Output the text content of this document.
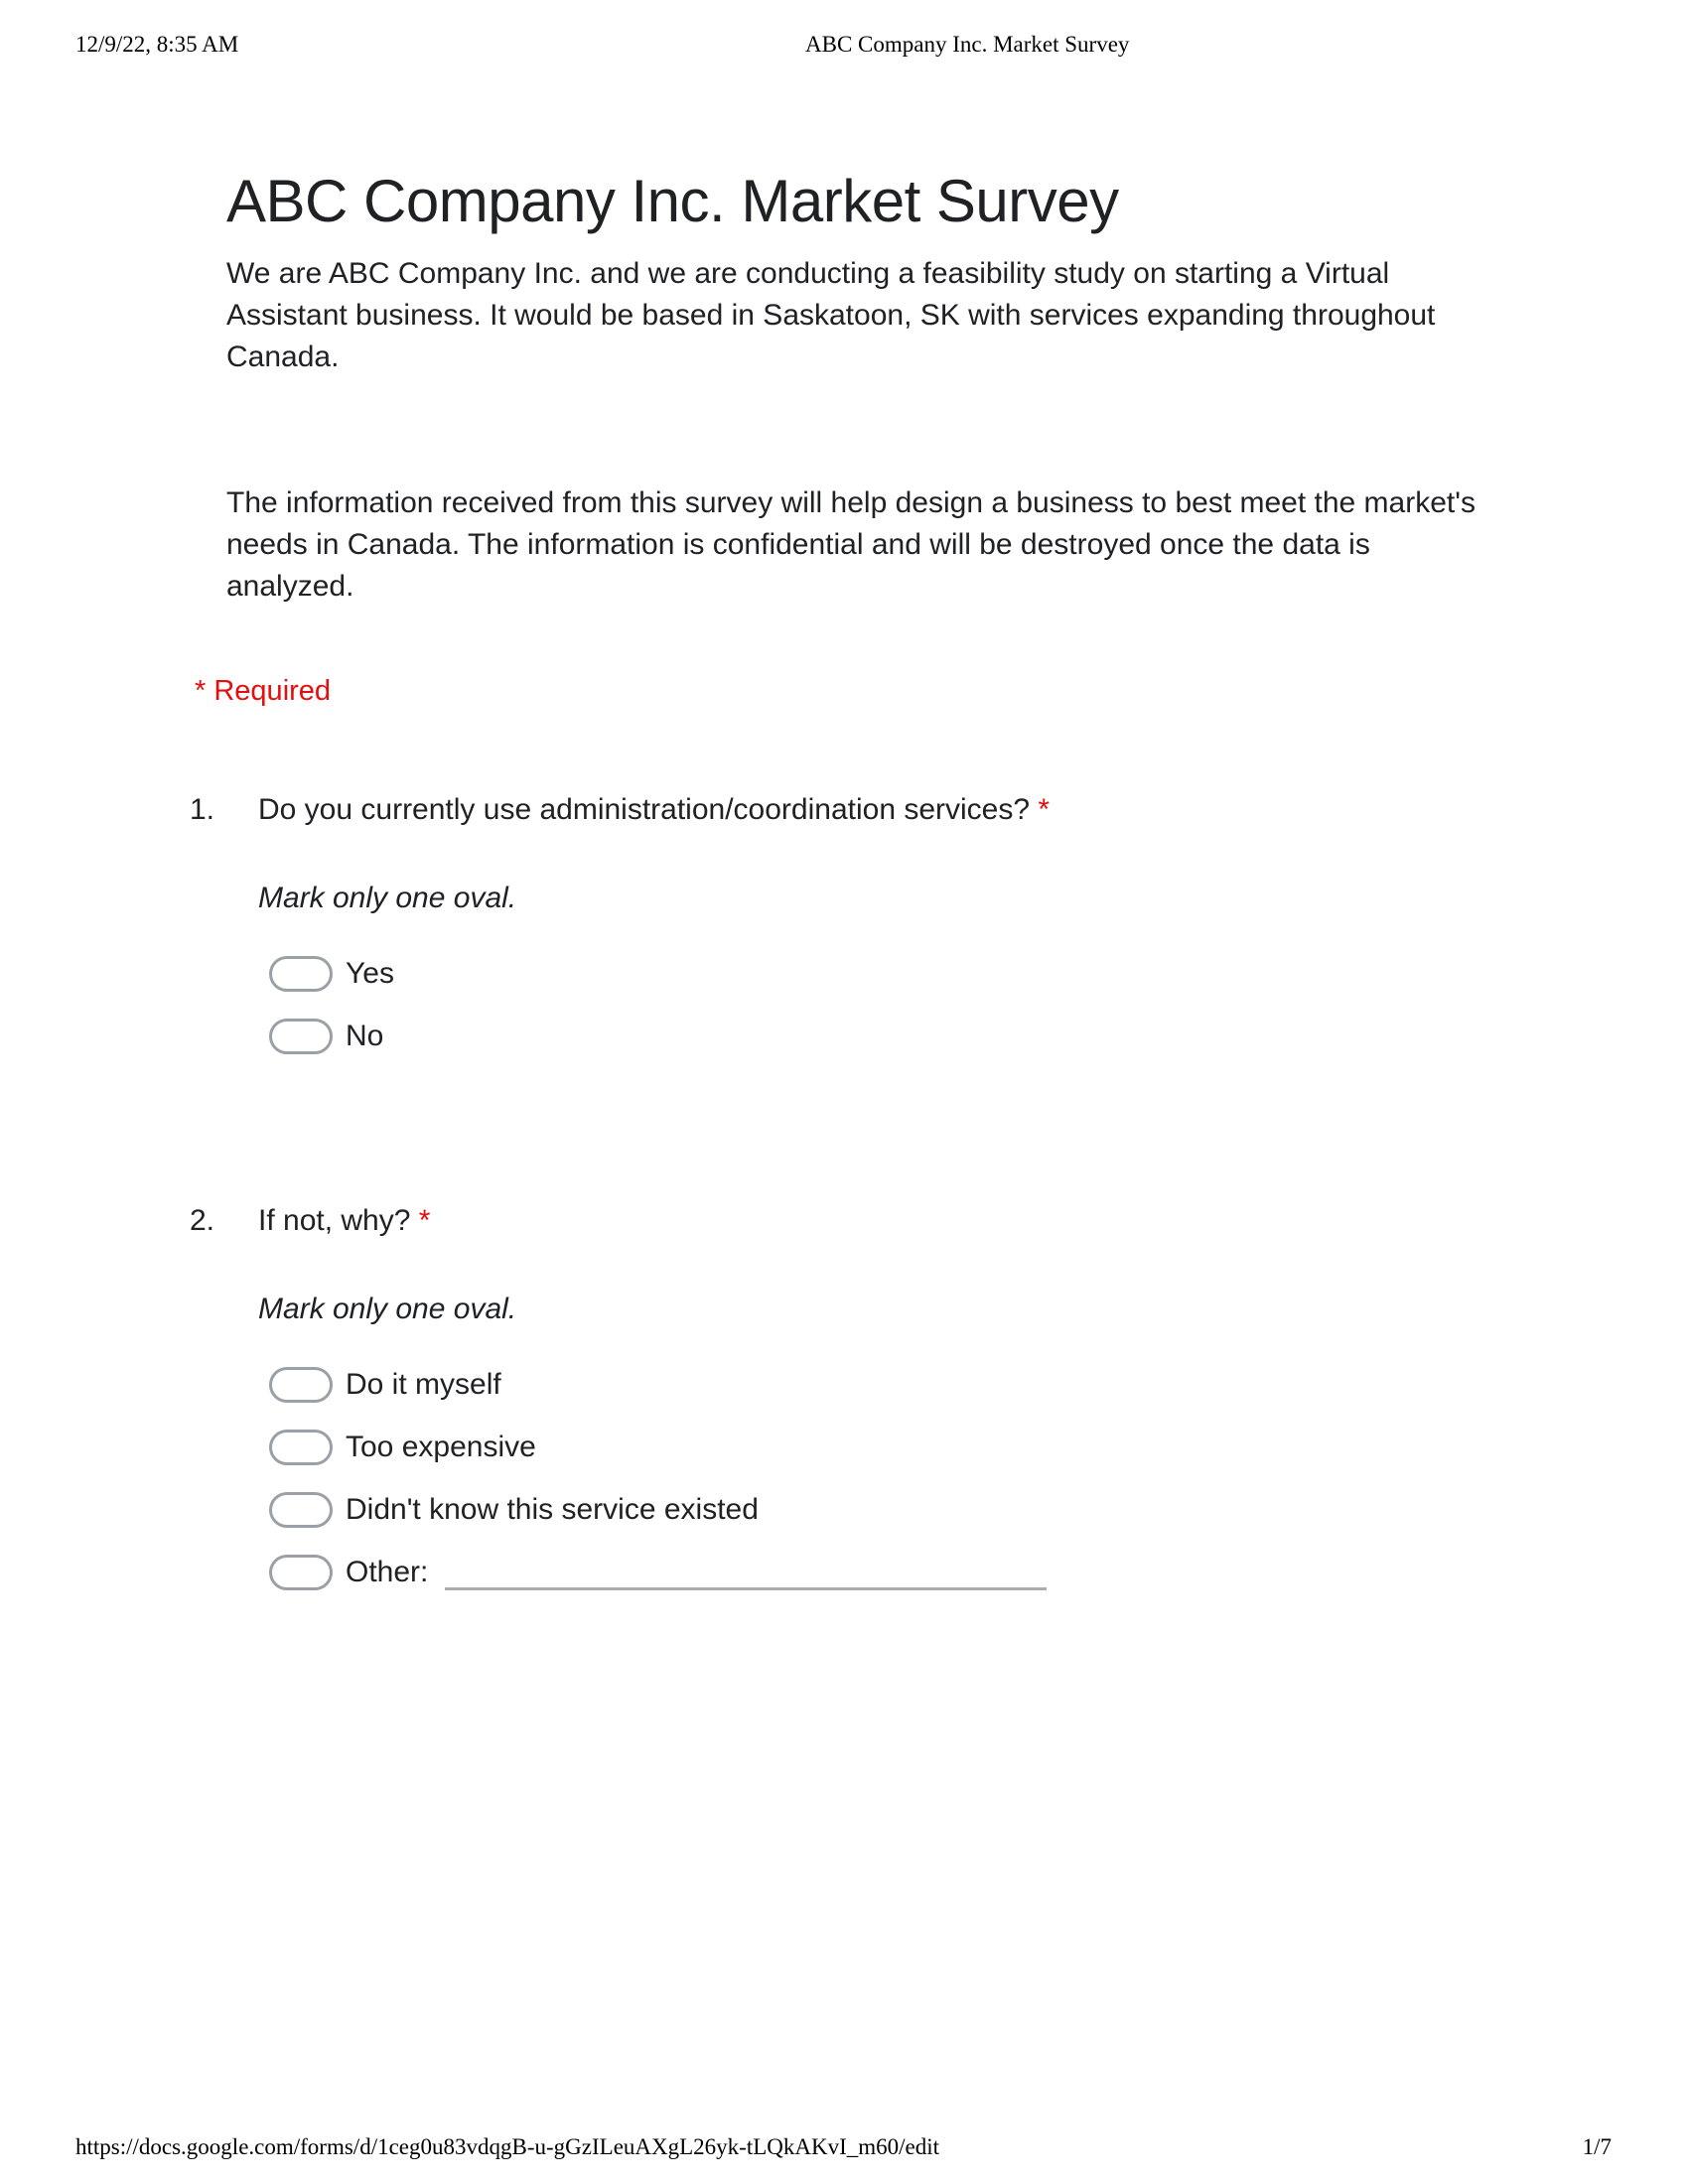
12/9/22, 8:35 AM	ABC Company Inc. Market Survey
ABC Company Inc. Market Survey

We are ABC Company Inc. and we are conducting a feasibility study on starting a Virtual Assistant business. It would be based in Saskatoon, SK with services expanding throughout Canada.

The information received from this survey will help design a business to best meet the market's needs in Canada. The information is confidential and will be destroyed once the data is analyzed.

* Required
1.	Do you currently use administration/coordination services? *

Mark only one oval.

Yes
No
2.	If not, why? *

Mark only one oval.

Do it myself
Too expensive
Didn't know this service existed
Other:
https://docs.google.com/forms/d/1ceg0u83vdqgB-u-gGzILeuAXgL26yk-tLQkAKvI_m60/edit	1/7
